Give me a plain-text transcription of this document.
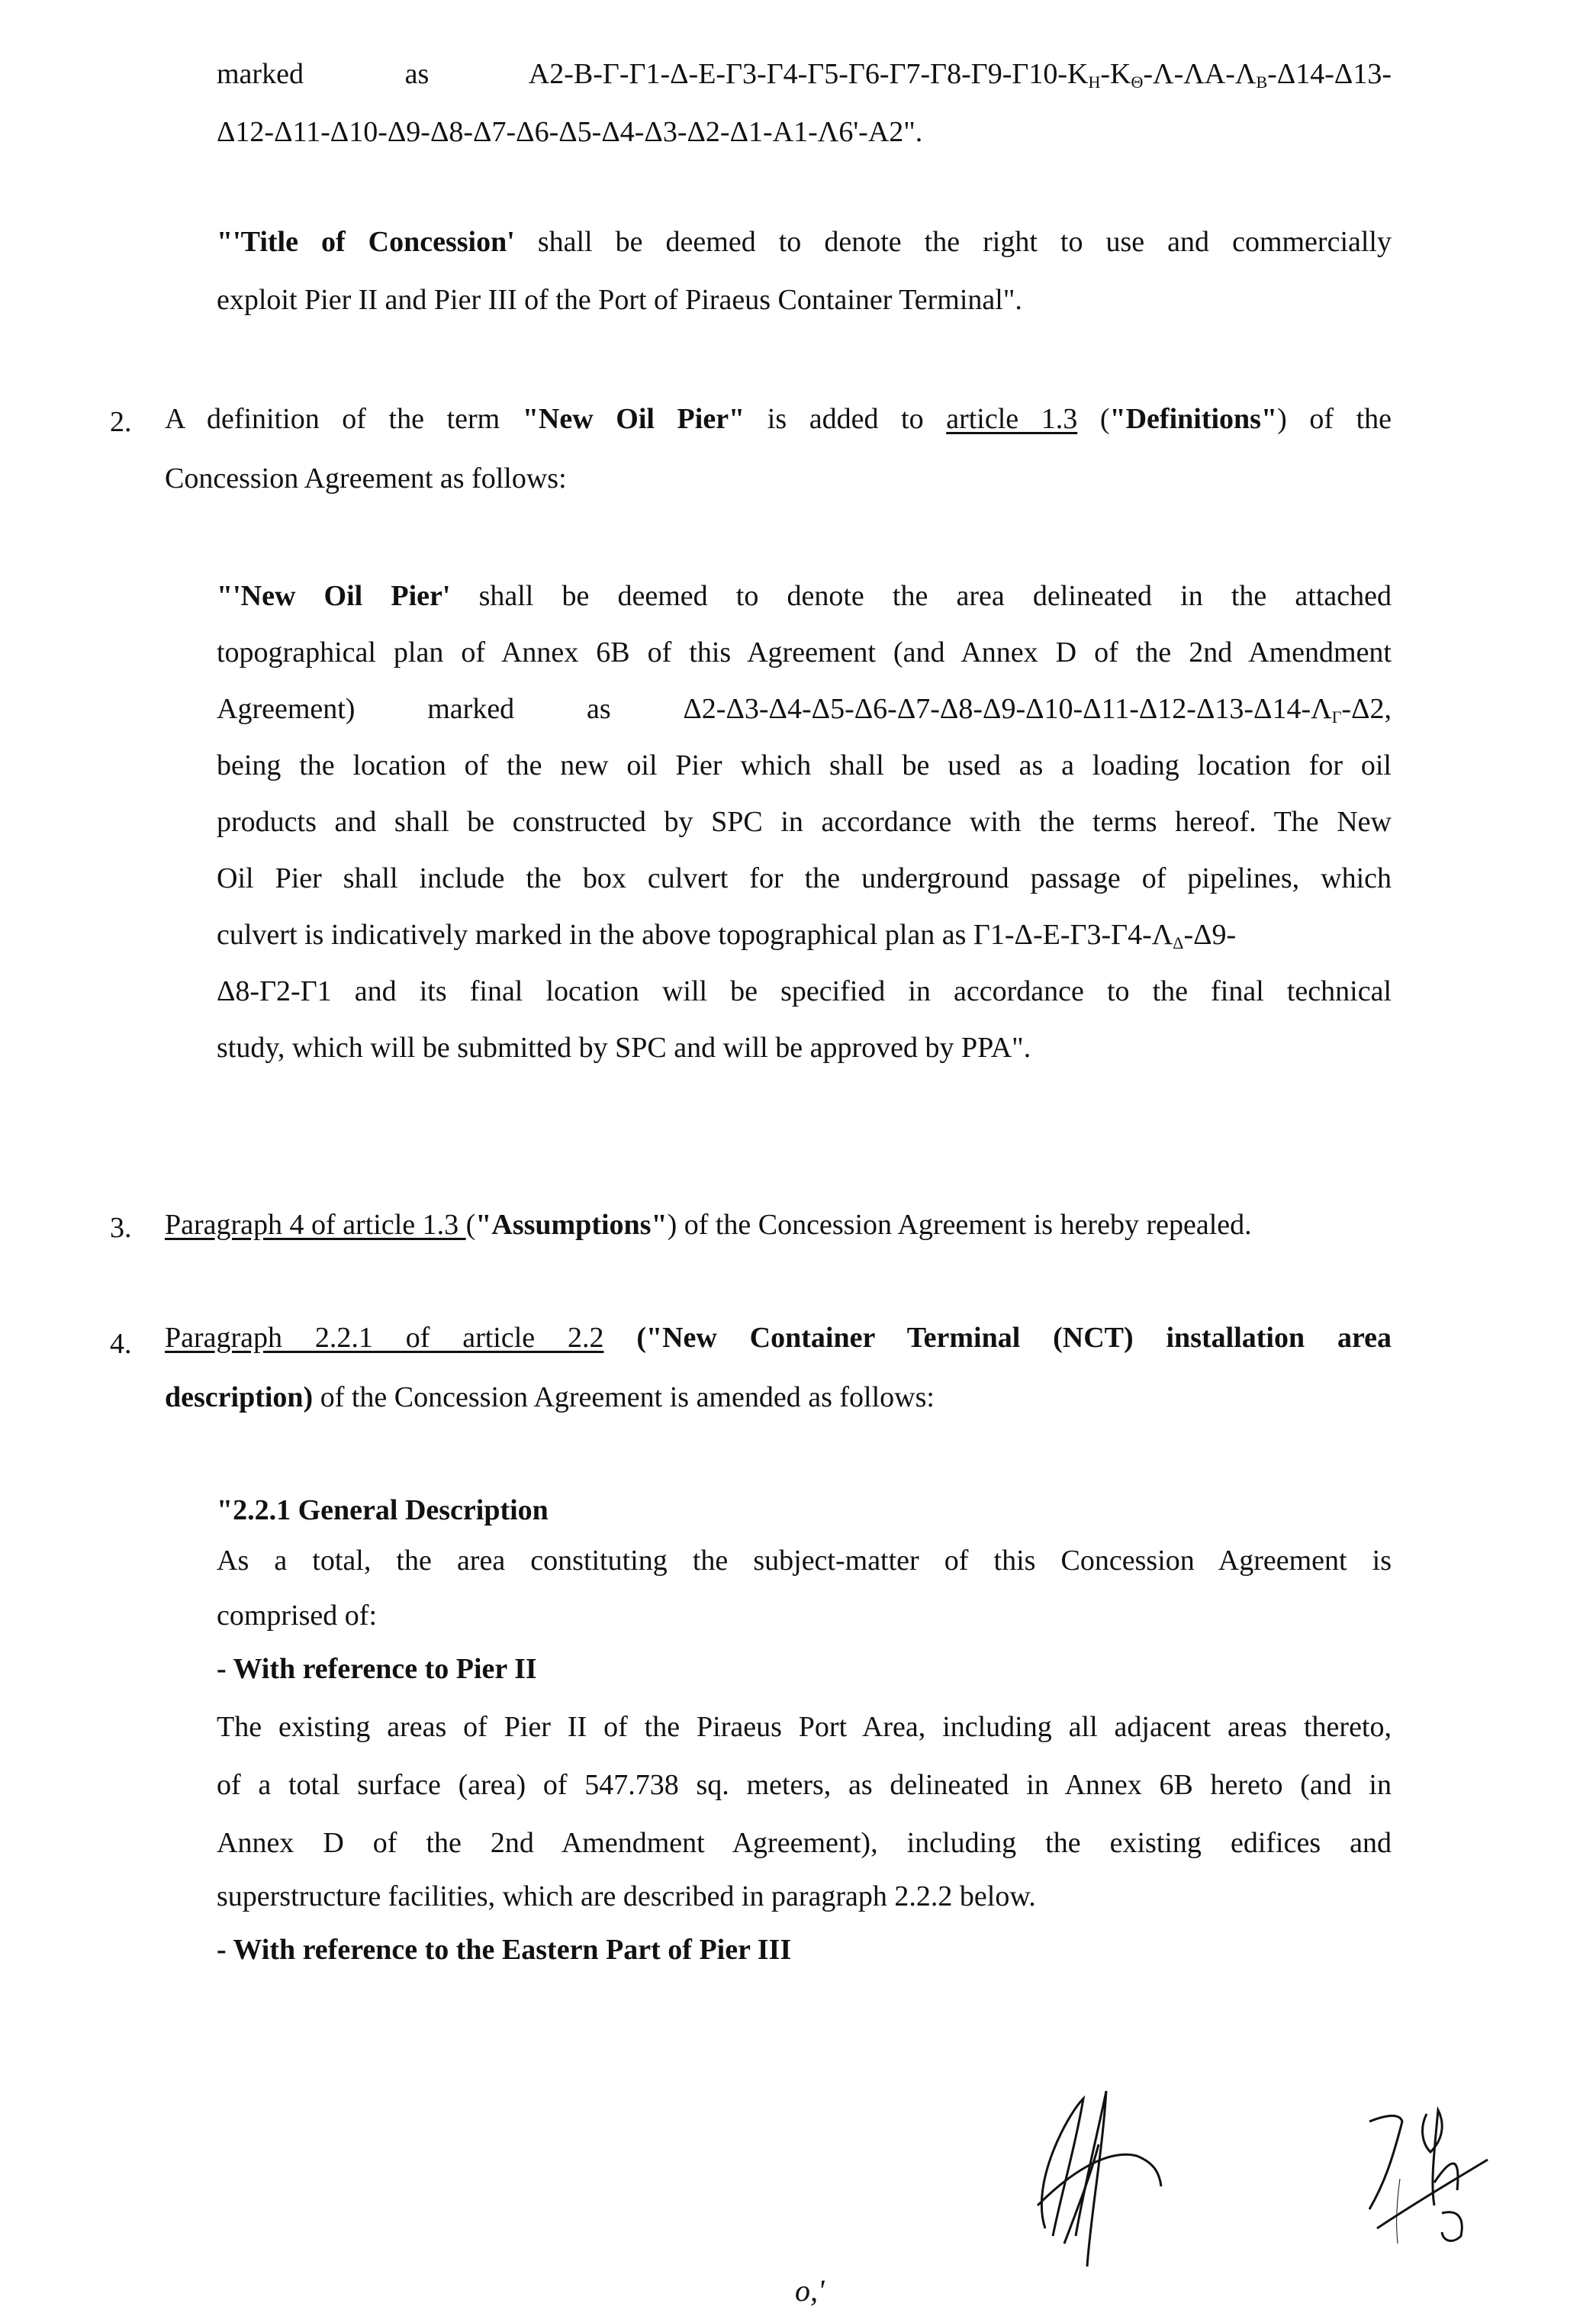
marked	as	$A2-B-\Gamma-\Gamma 1-\Delta-E-\Gamma 3-\Gamma 4-\Gamma 5-\Gamma 6-\Gamma 7-\Gamma 8-\Gamma 9-\Gamma 10-K_H-K_\Theta-\Lambda-\Lambda A-\Lambda_B-\Delta 14-\Delta 13-$
Δ12-Δ11-Δ10-Δ9-Δ8-Δ7-Δ6-Δ5-Δ4-Δ3-Δ2-Δ1-A1-Λ6'-A2".
"'Title of Concession' shall be deemed to denote the right to use and commercially
exploit Pier II and Pier III of the Port of Piraeus Container Terminal".
2. A definition of the term "New Oil Pier" is added to article 1.3 ("Definitions") of the
Concession Agreement as follows:
"'New Oil Pier' shall be deemed to denote the area delineated in the attached
topographical plan of Annex 6B of this Agreement (and Annex D of the 2nd Amendment
Agreement) marked as $\Delta 2-\Delta 3-\Delta 4-\Delta 5-\Delta 6-\Delta 7-\Delta 8-\Delta 9-\Delta 10-\Delta 11-\Delta 12-\Delta 13-\Delta 14-\Lambda_\Gamma-\Delta 2$,
being the location of the new oil Pier which shall be used as a loading location for oil
products and shall be constructed by SPC in accordance with the terms hereof. The New
Oil Pier shall include the box culvert for the underground passage of pipelines, which
culvert is indicatively marked in the above topographical plan as $\Gamma 1-\Delta-E-\Gamma 3-\Gamma 4-\Lambda_\Delta-\Delta 9-$
Δ8-Γ2-Γ1 and its final location will be specified in accordance to the final technical
study, which will be submitted by SPC and will be approved by PPA".
3. Paragraph 4 of article 1.3 ("Assumptions") of the Concession Agreement is hereby repealed.
4. Paragraph 2.2.1 of article 2.2 ("New Container Terminal (NCT) installation area
description) of the Concession Agreement is amended as follows:
"2.2.1 General Description
As a total, the area constituting the subject-matter of this Concession Agreement is
comprised of:
- With reference to Pier II
The existing areas of Pier II of the Piraeus Port Area, including all adjacent areas thereto,
of a total surface (area) of 547.738 sq. meters, as delineated in Annex 6B hereto (and in
Annex D of the 2nd Amendment Agreement), including the existing edifices and
superstructure facilities, which are described in paragraph 2.2.2 below.
- With reference to the Eastern Part of Pier III
ο,'
